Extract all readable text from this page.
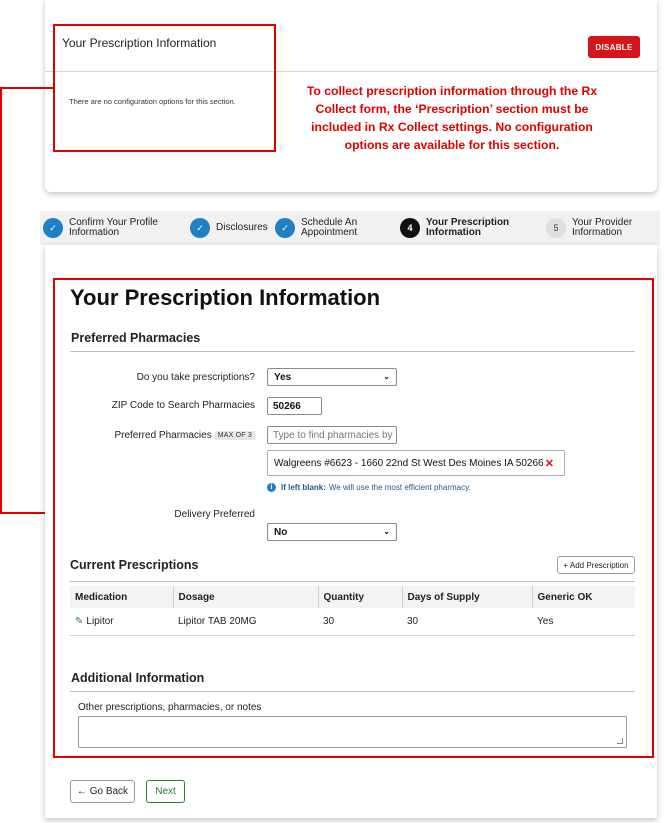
Your Prescription Information	DISABLE
There are no configuration options for this section.
To collect prescription information through the Rx Collect form, the ‘Prescription’ section must be included in Rx Collect settings. No configuration options are available for this section.
✓	Confirm Your Profile
Information	✓	Disclosures	✓	Schedule An
Appointment	4
Your Prescription
Information	5
Your Provider
Information
Your Prescription Information
Preferred Pharmacies
Do you take prescriptions? Yes	⌄
ZIP Code to Search Pharmacies	50266
Preferred Pharmacies MAX OF 3	Type to find pharmacies by
Walgreens #6623 - 1660 22nd St West Des Moines IA 50266 ✕
i	If left blank: We will use the most efficient pharmacy.
Delivery Preferred
No	⌄
Current Prescriptions	+ Add Prescription
Medication	Dosage	Quantity	Days of Supply	Generic OK
✎ Lipitor	Lipitor TAB 20MG	30	30	Yes
Additional Information
Other prescriptions, pharmacies, or notes
← Go Back	Next
